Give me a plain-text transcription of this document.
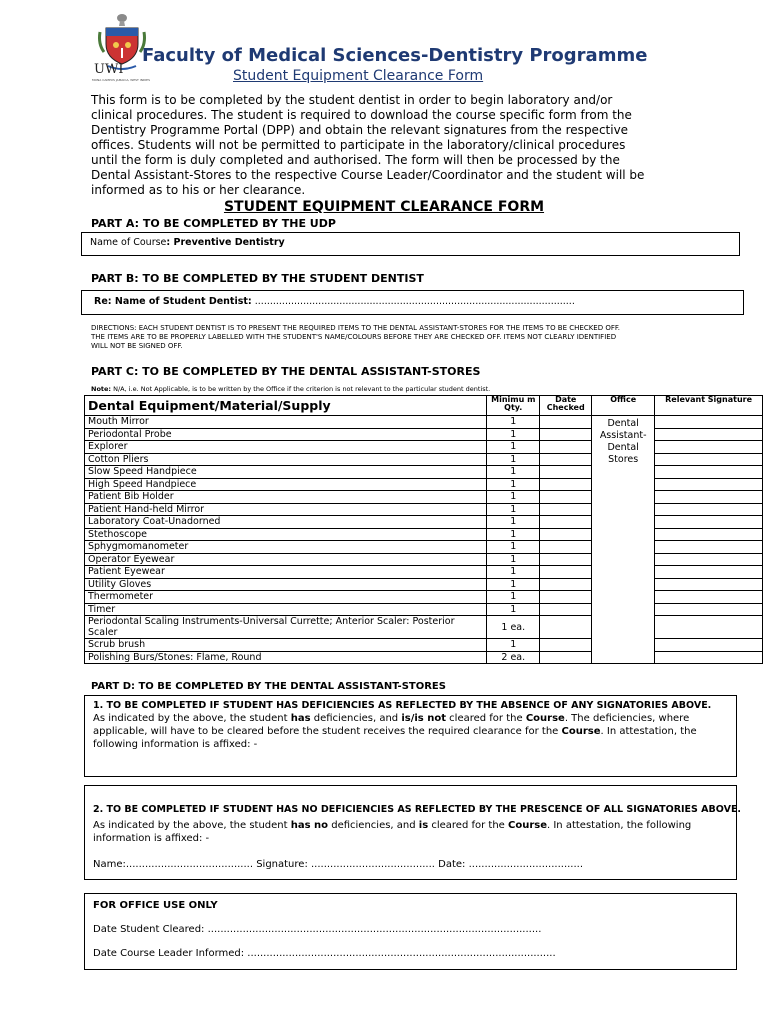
UWI
MONA CAMPUS JAMAICA, WEST INDIES
Faculty of Medical Sciences-Dentistry Programme
Student Equipment Clearance Form
This form is to be completed by the student dentist in order to begin laboratory and/or
clinical procedures. The student is required to download the course specific form from the
Dentistry Programme Portal (DPP) and obtain the relevant signatures from the respective
offices. Students will not be permitted to participate in the laboratory/clinical procedures
until the form is duly completed and authorised. The form will then be processed by the
Dental Assistant-Stores to the respective Course Leader/Coordinator and the student will be
informed as to his or her clearance.
STUDENT EQUIPMENT CLEARANCE FORM
PART A: TO BE COMPLETED BY THE UDP
Name of Course: Preventive Dentistry
PART B: TO BE COMPLETED BY THE STUDENT DENTIST
Re: Name of Student Dentist: ..........................................................................................................
DIRECTIONS: EACH STUDENT DENTIST IS TO PRESENT THE REQUIRED ITEMS TO THE DENTAL ASSISTANT-STORES FOR THE ITEMS TO BE CHECKED OFF.
THE ITEMS ARE TO BE PROPERLY LABELLED WITH THE STUDENT'S NAME/COLOURS BEFORE THEY ARE CHECKED OFF. ITEMS NOT CLEARLY IDENTIFIED
WILL NOT BE SIGNED OFF.
PART C: TO BE COMPLETED BY THE DENTAL ASSISTANT-STORES
Note: N/A, i.e. Not Applicable, is to be written by the Office if the criterion is not relevant to the particular student dentist.
Dental Equipment/Material/Supply	Minimu m Qty.	Date Checked	Office	Relevant Signature
Mouth Mirror	1		Dental Assistant-Dental Stores	
Periodontal Probe	1			
Explorer	1			
Cotton Pliers	1			
Slow Speed Handpiece	1			
High Speed Handpiece	1			
Patient Bib Holder	1			
Patient Hand-held Mirror	1			
Laboratory Coat-Unadorned	1			
Stethoscope	1			
Sphygmomanometer	1			
Operator Eyewear	1			
Patient Eyewear	1			
Utility Gloves	1			
Thermometer	1			
Timer	1			
Periodontal Scaling Instruments-Universal Currette; Anterior Scaler: Posterior Scaler	1 ea.			
Scrub brush	1			
Polishing Burs/Stones: Flame, Round	2 ea.			
PART D: TO BE COMPLETED BY THE DENTAL ASSISTANT-STORES
1. TO BE COMPLETED IF STUDENT HAS DEFICIENCIES AS REFLECTED BY THE ABSENCE OF ANY SIGNATORIES ABOVE.
As indicated by the above, the student has deficiencies, and is/is not cleared for the Course. The deficiencies, where applicable, will have to be cleared before the student receives the required clearance for the Course. In attestation, the following information is affixed: -
2. TO BE COMPLETED IF STUDENT HAS NO DEFICIENCIES AS REFLECTED BY THE PRESCENCE OF ALL SIGNATORIES ABOVE.
As indicated by the above, the student has no deficiencies, and is cleared for the Course. In attestation, the following information is affixed: -
Name:........................................ Signature: ....................................... Date: ....................................
FOR OFFICE USE ONLY
Date Student Cleared: .........................................................................................................
Date Course Leader Informed: .................................................................................................
